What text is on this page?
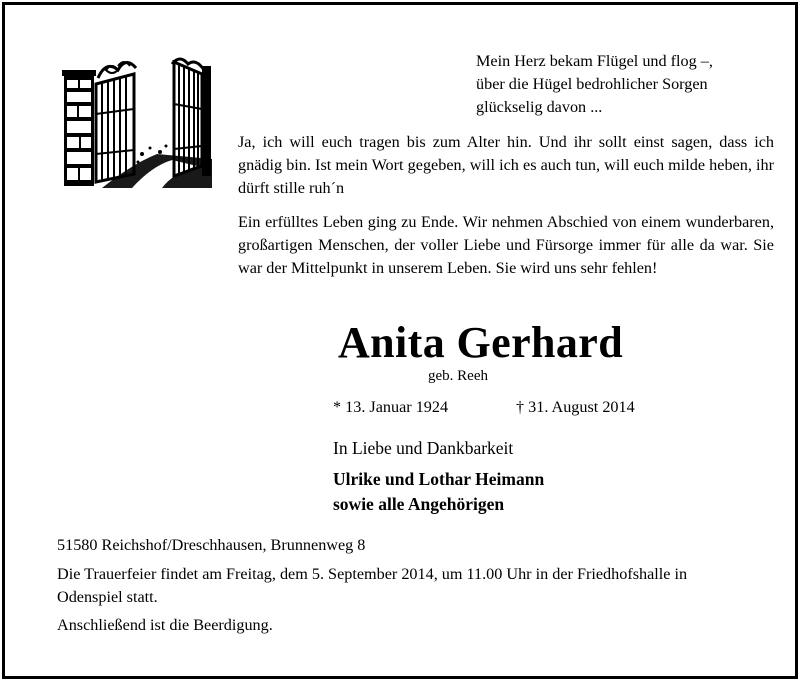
Mein Herz bekam Flügel und flog –,
über die Hügel bedrohlicher Sorgen
glückselig davon ...

Ja, ich will euch tragen bis zum Alter hin. Und ihr sollt einst sagen, dass ich gnädig bin. Ist mein Wort gegeben, will ich es auch tun, will euch milde heben, ihr dürft stille ruh´n

Ein erfülltes Leben ging zu Ende. Wir nehmen Abschied von einem wunderbaren, großartigen Menschen, der voller Liebe und Fürsorge immer für alle da war. Sie war der Mittelpunkt in unserem Leben. Sie wird uns sehr fehlen!

Anita Gerhard
geb. Reeh
* 13. Januar 1924	† 31. August 2014
In Liebe und Dankbarkeit
Ulrike und Lothar Heimann
sowie alle Angehörigen
51580 Reichshof/Dreschhausen, Brunnenweg 8

Die Trauerfeier findet am Freitag, dem 5. September 2014, um 11.00 Uhr in der Friedhofshalle in Odenspiel statt.

Anschließend ist die Beerdigung.
